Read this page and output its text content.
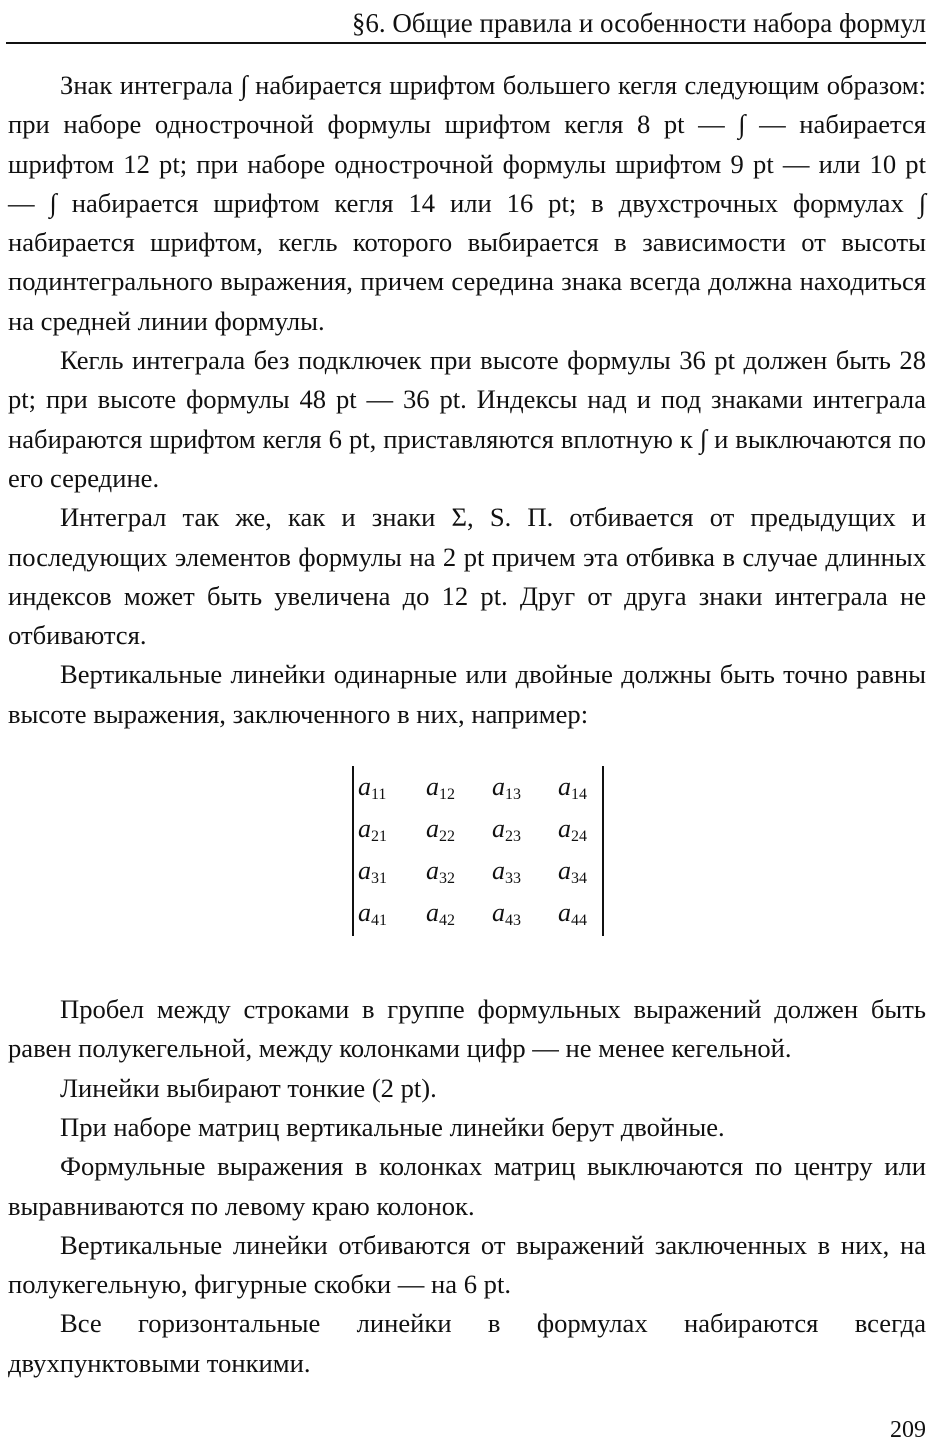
§6. Общие правила и особенности набора формул

Знак интеграла ∫ набирается шрифтом большего кегля следующим образом: при наборе однострочной формулы шрифтом кегля 8 pt — ∫ — набирается шрифтом 12 pt; при наборе однострочной формулы шрифтом 9 pt — или 10 pt — ∫ набирается шрифтом кегля 14 или 16 pt; в двухстрочных формулах ∫ набирается шрифтом, кегль которого выбирается в зависимости от высоты подинтегрального выражения, причем середина знака всегда должна находиться на средней линии формулы.

Кегль интеграла без подключек при высоте формулы 36 pt должен быть 28 pt; при высоте формулы 48 pt — 36 pt. Индексы над и под знаками интеграла набираются шрифтом кегля 6 pt, приставляются вплотную к ∫ и выключаются по его середине.

Интеграл так же, как и знаки Σ, S. П. отбивается от предыдущих и последующих элементов формулы на 2 pt причем эта отбивка в случае длинных индексов может быть увеличена до 12 pt. Друг от друга знаки интеграла не отбиваются.

Вертикальные линейки одинарные или двойные должны быть точно равны высоте выражения, заключенного в них, например:

$a_{11}$ $a_{12}$ $a_{13}$ $a_{14}$
$a_{21}$ $a_{22}$ $a_{23}$ $a_{24}$
$a_{31}$ $a_{32}$ $a_{33}$ $a_{34}$
$a_{41}$ $a_{42}$ $a_{43}$ $a_{44}$

Пробел между строками в группе формульных выражений должен быть равен полукегельной, между колонками цифр — не менее кегельной.

Линейки выбирают тонкие (2 pt).

При наборе матриц вертикальные линейки берут двойные.

Формульные выражения в колонках матриц выключаются по центру или выравниваются по левому краю колонок.

Вертикальные линейки отбиваются от выражений заключенных в них, на полукегельную, фигурные скобки — на 6 pt.

Все горизонтальные линейки в формулах набираются всегда двухпунктовыми тонкими.

209
